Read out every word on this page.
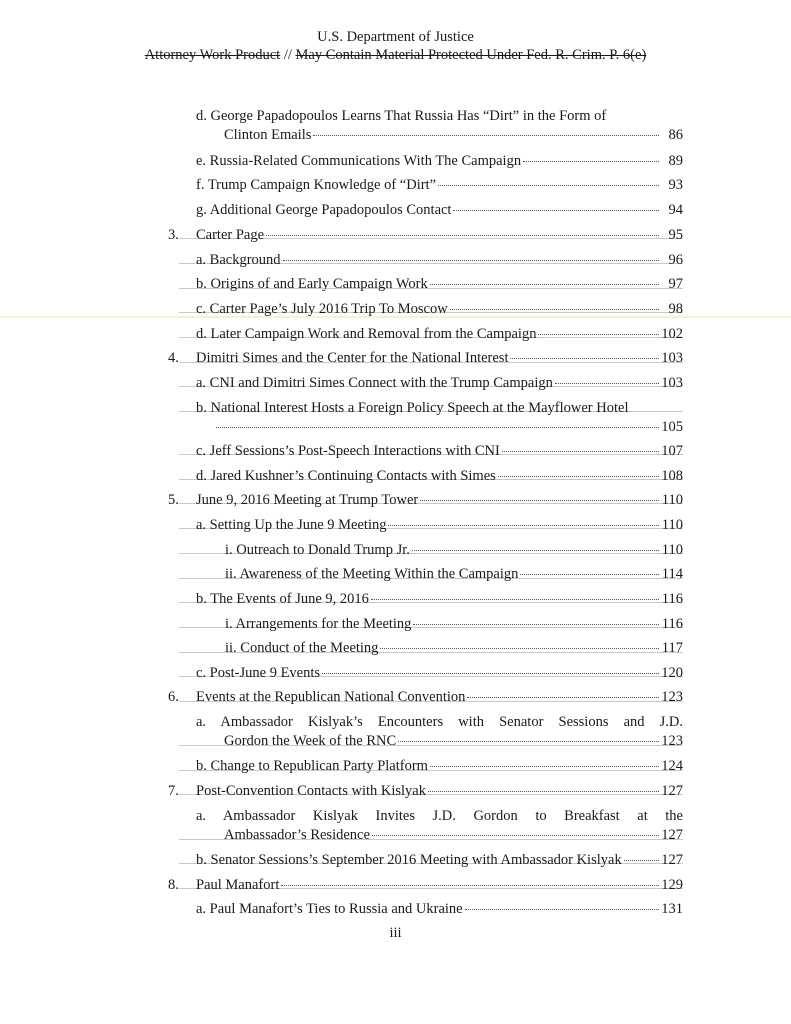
U.S. Department of Justice
Attorney Work Product // May Contain Material Protected Under Fed. R. Crim. P. 6(e)
d. George Papadopoulos Learns That Russia Has “Dirt” in the Form of
Clinton Emails	86
e. Russia-Related Communications With The Campaign	89
f. Trump Campaign Knowledge of “Dirt”	93
g. Additional George Papadopoulos Contact	94
3. Carter Page	95
a. Background	96
b. Origins of and Early Campaign Work	97
c. Carter Page’s July 2016 Trip To Moscow	98
d. Later Campaign Work and Removal from the Campaign	102
4. Dimitri Simes and the Center for the National Interest	103
a. CNI and Dimitri Simes Connect with the Trump Campaign	103
b. National Interest Hosts a Foreign Policy Speech at the Mayflower Hotel
105
c. Jeff Sessions’s Post-Speech Interactions with CNI	107
d. Jared Kushner’s Continuing Contacts with Simes	108
5. June 9, 2016 Meeting at Trump Tower	110
a. Setting Up the June 9 Meeting	110
i. Outreach to Donald Trump Jr.	110
ii. Awareness of the Meeting Within the Campaign	114
b. The Events of June 9, 2016	116
i. Arrangements for the Meeting	116
ii. Conduct of the Meeting	117
c. Post-June 9 Events	120
6. Events at the Republican National Convention	123
a. Ambassador Kislyak’s Encounters with Senator Sessions and J.D.
Gordon the Week of the RNC	123
b. Change to Republican Party Platform	124
7. Post-Convention Contacts with Kislyak	127
a. Ambassador Kislyak Invites J.D. Gordon to Breakfast at the
Ambassador’s Residence	127
b. Senator Sessions’s September 2016 Meeting with Ambassador Kislyak	127
8. Paul Manafort	129
a. Paul Manafort’s Ties to Russia and Ukraine	131
iii
